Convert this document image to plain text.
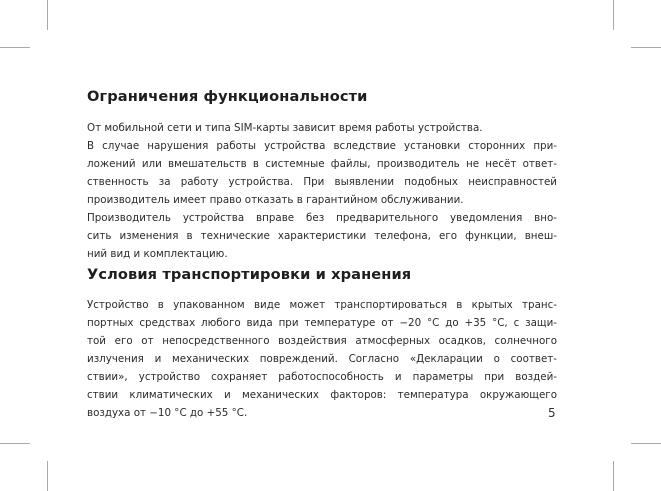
Ограничения функциональности
От мобильной сети и типа SIM-карты зависит время работы устройства.
В случае нарушения работы устройства вследствие установки сторонних при-
ложений или вмешательств в системные файлы, производитель не несёт ответ-
ственность за работу устройства. При выявлении подобных неисправностей
производитель имеет право отказать в гарантийном обслуживании.
Производитель устройства вправе без предварительного уведомления вно-
сить изменения в технические характеристики телефона, его функции, внеш-
ний вид и комплектацию.
Условия транспортировки и хранения
Устройство в упакованном виде может транспортироваться в крытых транс-
портных средствах любого вида при температуре от −20 °C до +35 °C, с защи-
той его от непосредственного воздействия атмосферных осадков, солнечного
излучения и механических повреждений. Согласно «Декларации о соответ-
ствии», устройство сохраняет работоспособность и параметры при воздей-
ствии климатических и механических факторов: температура окружающего
воздуха от −10 °C до +55 °C.	5
